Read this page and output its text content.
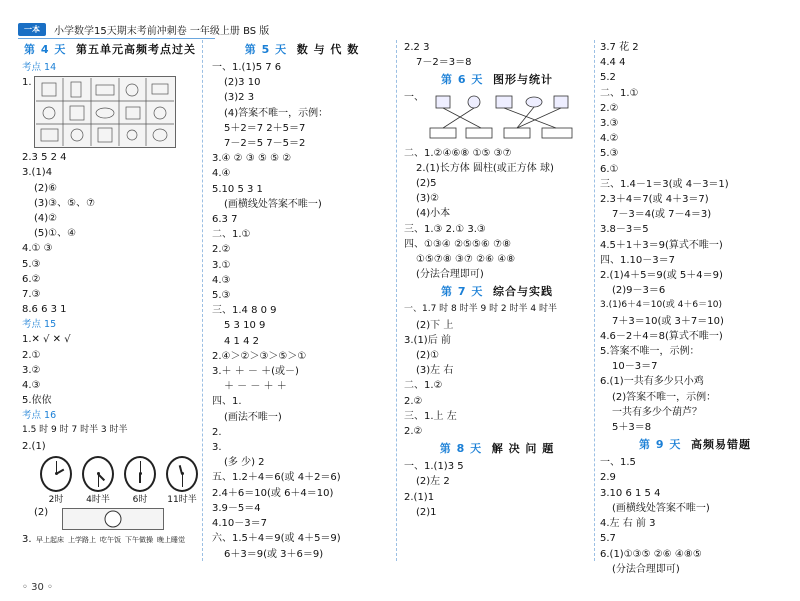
一本	小学数学15天期末考前冲刺卷 一年级上册 BS 版
第 4 天 第五单元高频考点过关
考点 14
1.
2.3 5 2 4
3.(1)4
(2)⑥
(3)③、⑤、⑦
(4)②
(5)①、④
4.① ③
5.③
6.②
7.③
8.6 6 3 1
考点 15
1.✕ √ ✕ √
2.①
3.②
4.③
5.依依
考点 16
1.5 时 9 时 7 时半 3 时半
2.(1)
2时	4时半	6时	11时半
(2)
3. 早上起床 上学路上 吃午饭 下午做操 晚上睡觉
第 5 天 数 与 代 数
一、1.(1)5 7 6
(2)3 10
(3)2 3
(4)答案不唯一，示例：
5＋2＝7 2＋5＝7
7－2＝5 7－5＝2
3.④ ② ③ ⑤ ⑤ ②
4.④
5.10 5 3 1
(画横线处答案不唯一)
6.3 7
二、1.①
2.②
3.①
4.③
5.③
三、1.4 8 0 9
5 3 10 9
4 1 4 2
2.④＞②＞③＞⑤＞①
3.＋ ＋ － ＋(或－)
＋ － － ＋ ＋
四、1.
(画法不唯一)
2.
3.
(多 少) 2
五、1.2＋4＝6(或 4＋2＝6)
2.4＋6＝10(或 6＋4＝10)
3.9－5＝4
4.10－3＝7
六、1.5＋4＝9(或 4＋5＝9)
6＋3＝9(或 3＋6＝9)
2.2 3
7－2＝3＝8
第 6 天 图形与统计
一、
二、1.②④⑥⑧ ①⑤ ③⑦
2.(1)长方体 圆柱(或正方体 球)
(2)5
(3)②
(4)小本
三、1.③ 2.① 3.③
四、①③④ ②⑤⑤⑥ ⑦⑧
①⑤⑦⑧ ③⑦ ②⑥ ④⑧
(分法合理即可)
第 7 天 综合与实践
一、1.7 时 8 时半 9 时 2 时半 4 时半
(2)下 上
3.(1)后 前
(2)①
(3)左 右
二、1.②
2.②
三、1.上 左
2.②
第 8 天 解 决 问 题
一、1.(1)3 5
(2)左 2
2.(1)1
(2)1
3.7 花 2
4.4 4
5.2
二、1.①
2.②
3.③
4.②
5.③
6.①
三、1.4－1＝3(或 4－3＝1)
2.3＋4＝7(或 4＋3＝7)
7－3＝4(或 7－4＝3)
3.8－3＝5
4.5＋1＋3＝9(算式不唯一)
四、1.10－3＝7
2.(1)4＋5＝9(或 5＋4＝9)
(2)9－3＝6
3.(1)6＋4＝10(或 4＋6＝10)
7＋3＝10(或 3＋7＝10)
4.6－2＋4＝8(算式不唯一)
5.答案不唯一，示例：
10－3＝7
6.(1)一共有多少只小鸡
(2)答案不唯一，示例：
一共有多少个葫芦？
5＋3＝8
第 9 天 高频易错题
一、1.5
2.9
3.10 6 1 5 4
(画横线处答案不唯一)
4.左 右 前 3
5.7
6.(1)①③⑤ ②⑥ ④⑧⑤
(分法合理即可)
◦ 30 ◦
